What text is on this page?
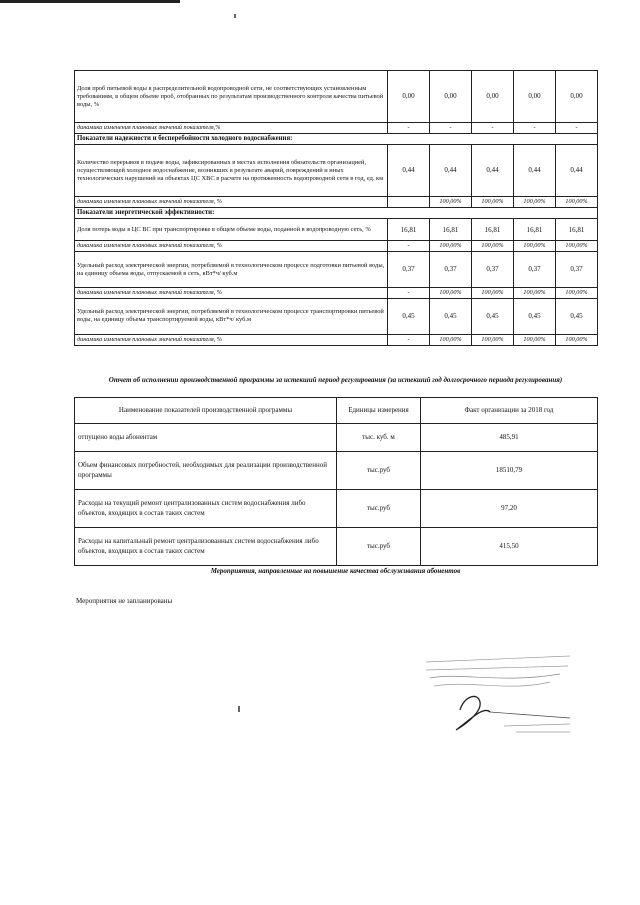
Доля проб питьевой воды в распределительной водопроводной сети, не соответствующих установленным требованиям, в общем объеме проб, отобранных по результатам производственного контроля качества питьевой воды, %	0,00	0,00	0,00	0,00	0,00
динамика изменения плановых значений показателя,%	-	-	-	-	-
Показатели надежности и бесперебойности холодного водоснабжения:					
Количество перерывов в подаче воды, зафиксированных в местах исполнения обязательств организацией, осуществляющей холодное водоснабжение, возникших в результате аварий, повреждений и иных технологических нарушений на объектах ЦС ХВС в расчете на протяженность водопроводной сети в год, ед. км	0,44	0,44	0,44	0,44	0,44
динамика изменения плановых значений показателя, %		100,00%	100,00%	100,00%	100,00%
Показатели энергетической эффективности:					
Доля потерь воды в ЦС ВС при транспортировке в общем объеме воды, поданной в водопроводную сеть, %	16,81	16,81	16,81	16,81	16,81
динамика изменения плановых значений показателя, %	-	100,00%	100,00%	100,00%	100,00%
Удельный расход электрической энергии, потребляемой в технологическом процессе подготовки питьевой воды, на единицу объема воды, отпускаемой в сеть, кВт*ч/ куб.м	0,37	0,37	0,37	0,37	0,37
динамика изменения плановых значений показателя, %	-	100,00%	100,00%	100,00%	100,00%
Удельный расход электрической энергии, потребляемой в технологическом процессе транспортировки питьевой воды, на единицу объема транспортируемой воды, кВт*ч/ куб.м	0,45	0,45	0,45	0,45	0,45
динамика изменения плановых значений показателя, %	-	100,00%	100,00%	100,00%	100,00%
Отчет об исполнении производственной программы за истекший период регулирования (за истекший год долгосрочного периода регулирования)
Наименование показателей производственной программы	Единицы измерения	Факт организации за 2018 год
отпущено воды абонентам	тыс. куб. м	485,91
Объем финансовых потребностей, необходимых для реализации производственной программы	тыс.руб	18510,79
Расходы на текущий ремонт централизованных систем водоснабжения либо объектов, входящих в состав таких систем	тыс.руб	97,20
Расходы на капитальный ремонт централизованных систем водоснабжения либо объектов, входящих в состав таких систем	тыс.руб	415,50
Мероприятия, направленные на повышение качества обслуживания абонентов
Мероприятия не запланированы
